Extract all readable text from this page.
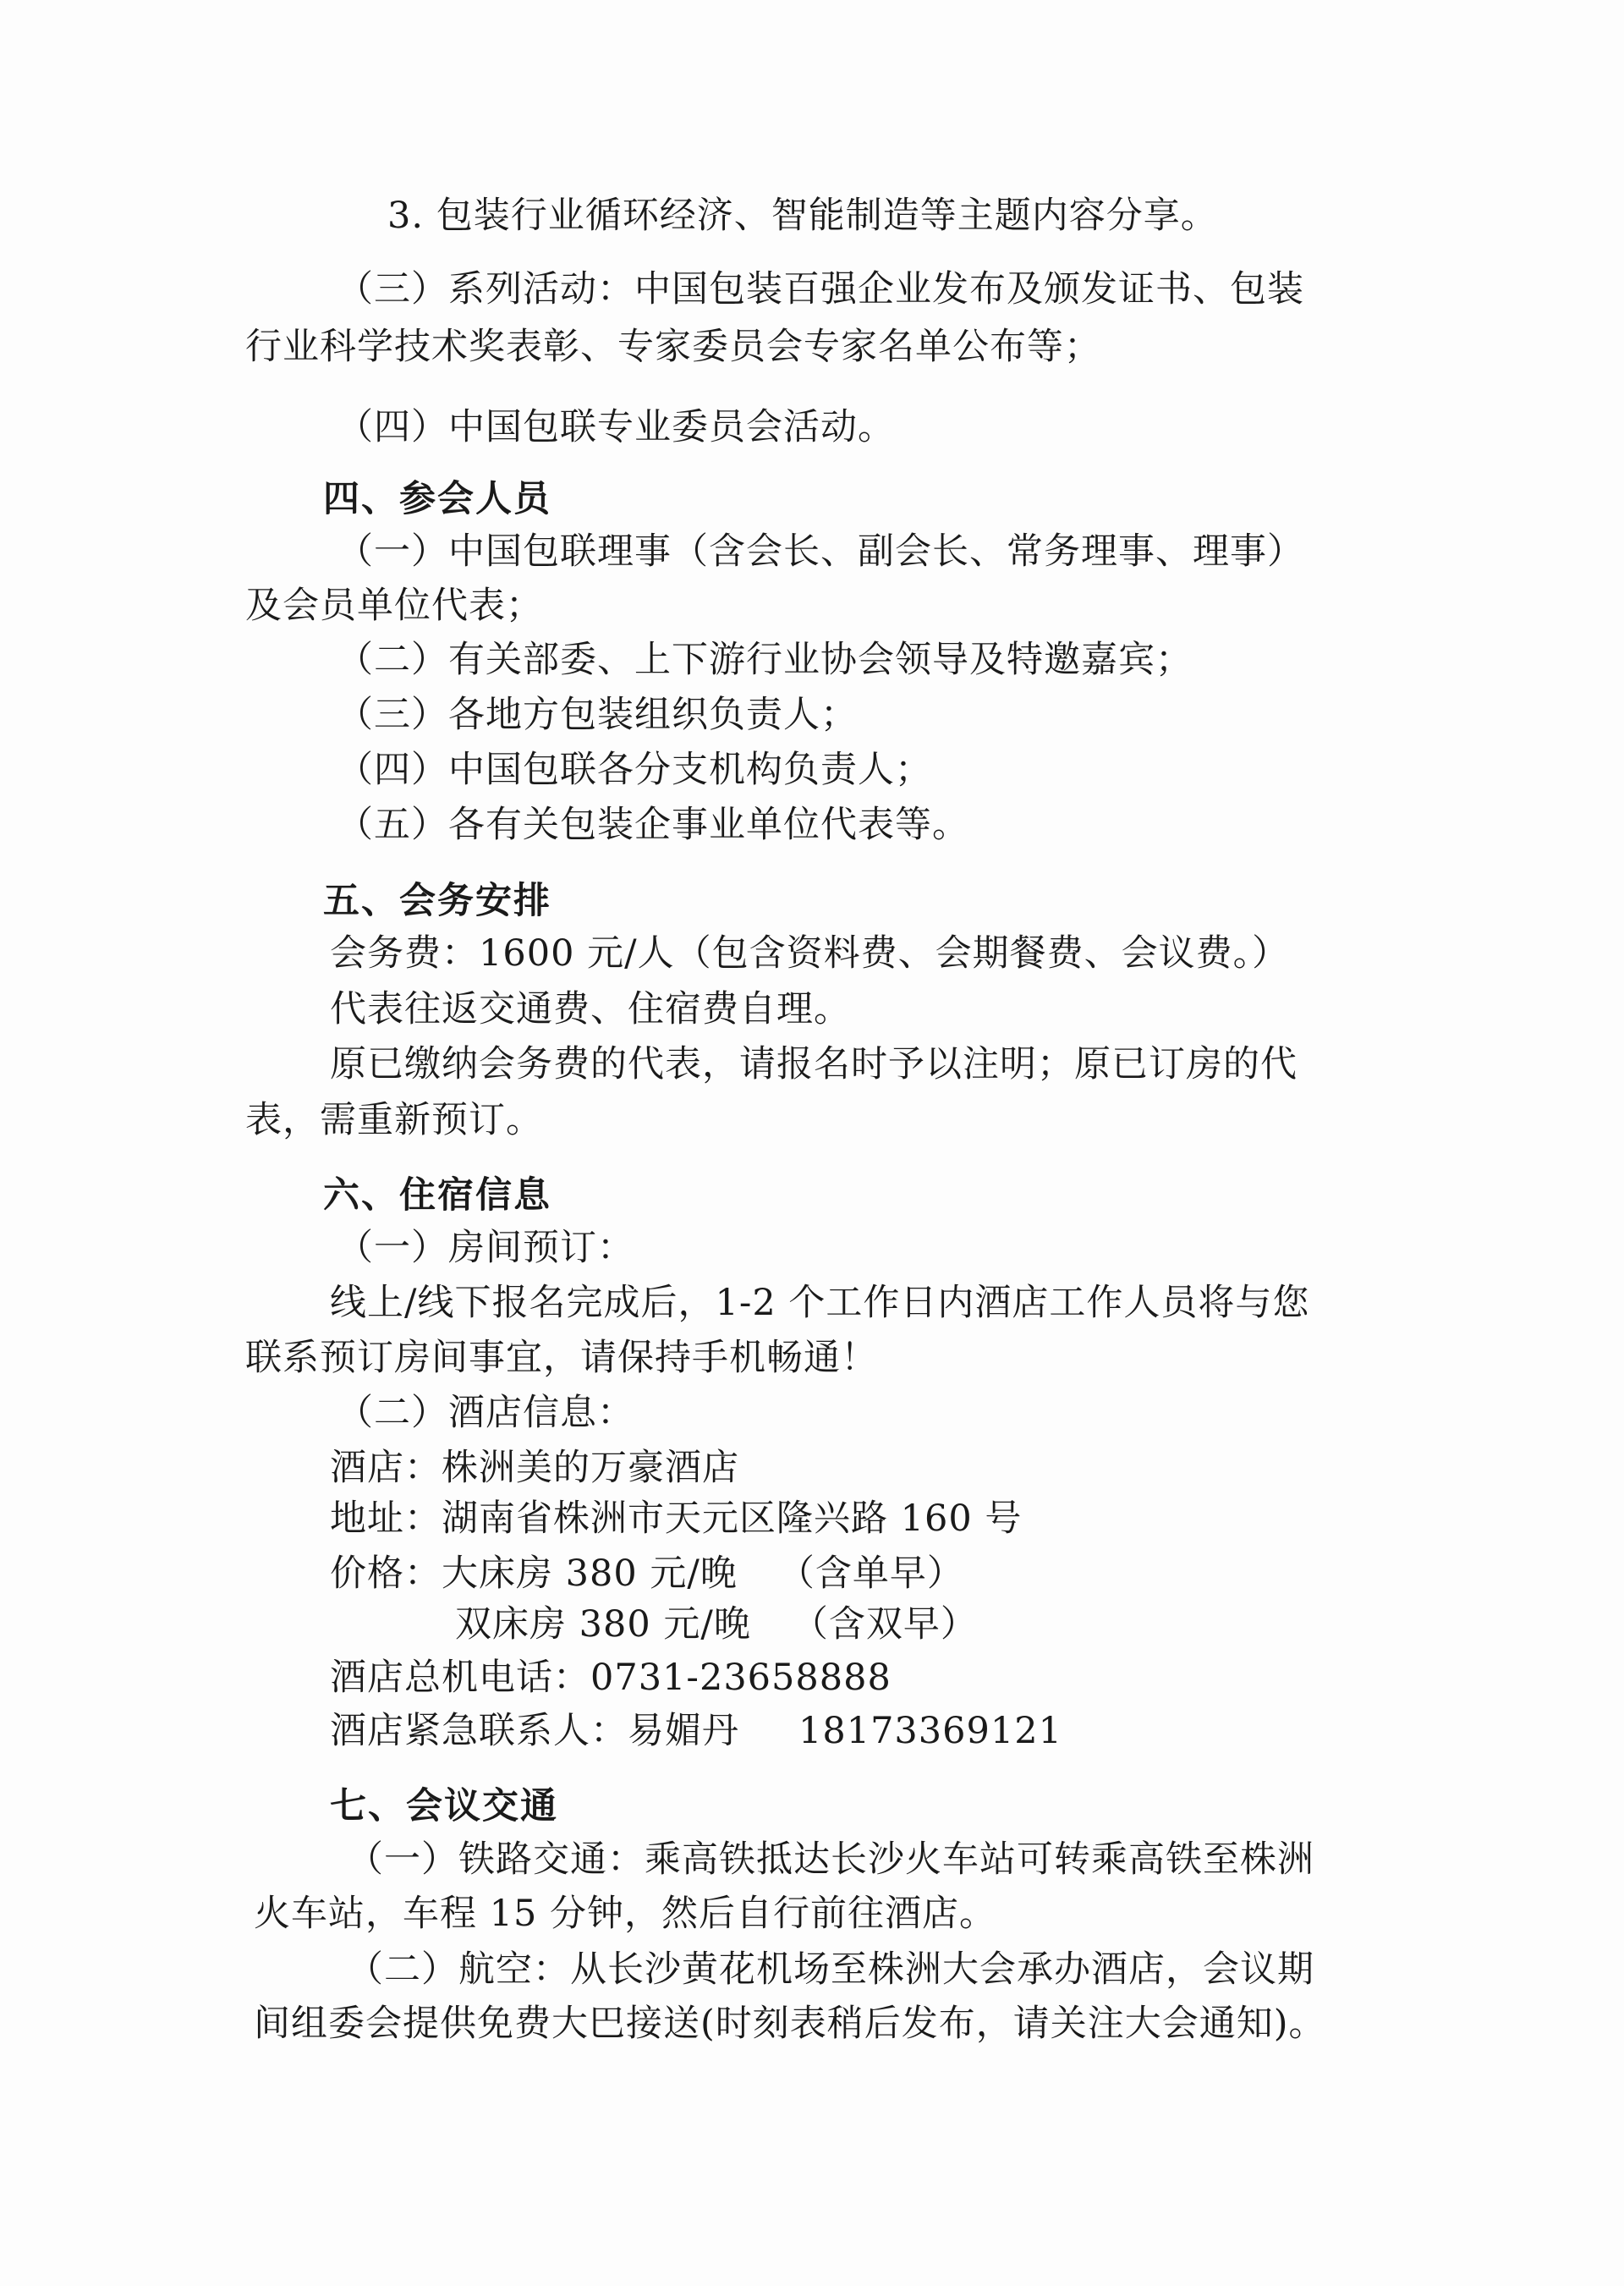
3. 包装行业循环经济、智能制造等主题内容分享。
（三）系列活动：中国包装百强企业发布及颁发证书、包装
行业科学技术奖表彰、专家委员会专家名单公布等；
（四）中国包联专业委员会活动。
四、参会人员
（一）中国包联理事（含会长、副会长、常务理事、理事）
及会员单位代表；
（二）有关部委、上下游行业协会领导及特邀嘉宾；
（三）各地方包装组织负责人；
（四）中国包联各分支机构负责人；
（五）各有关包装企事业单位代表等。
五、会务安排
会务费：1600 元/人（包含资料费、会期餐费、会议费。）
代表往返交通费、住宿费自理。
原已缴纳会务费的代表，请报名时予以注明；原已订房的代
表，需重新预订。
六、住宿信息
（一）房间预订：
线上/线下报名完成后，1-2 个工作日内酒店工作人员将与您
联系预订房间事宜，请保持手机畅通！
（二）酒店信息：
酒店：株洲美的万豪酒店
地址：湖南省株洲市天元区隆兴路 160 号
价格：大床房 380 元/晚 （含单早）
双床房 380 元/晚 （含双早）
酒店总机电话：0731-23658888
酒店紧急联系人：易媚丹 18173369121
七、会议交通
（一）铁路交通：乘高铁抵达长沙火车站可转乘高铁至株洲
火车站，车程 15 分钟，然后自行前往酒店。
（二）航空：从长沙黄花机场至株洲大会承办酒店，会议期
间组委会提供免费大巴接送(时刻表稍后发布，请关注大会通知)。
